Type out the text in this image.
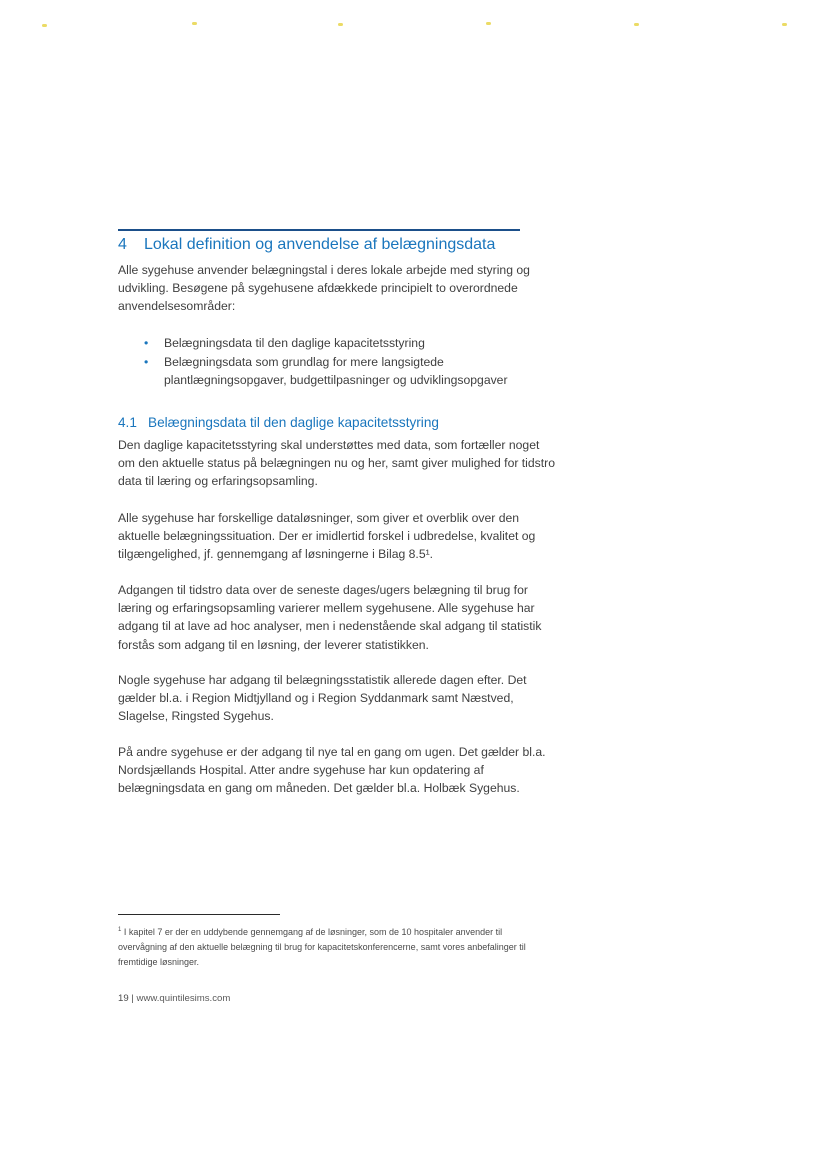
4 Lokal definition og anvendelse af belægningsdata

Alle sygehuse anvender belægningstal i deres lokale arbejde med styring og udvikling. Besøgene på sygehusene afdækkede principielt to overordnede anvendelsesområder:

• Belægningsdata til den daglige kapacitetsstyring
• Belægningsdata som grundlag for mere langsigtede plantlægningsopgaver, budgettilpasninger og udviklingsopgaver
4.1 Belægningsdata til den daglige kapacitetsstyring

Den daglige kapacitetsstyring skal understøttes med data, som fortæller noget om den aktuelle status på belægningen nu og her, samt giver mulighed for tidstro data til læring og erfaringsopsamling.

Alle sygehuse har forskellige dataløsninger, som giver et overblik over den aktuelle belægningssituation. Der er imidlertid forskel i udbredelse, kvalitet og tilgængelighed, jf. gennemgang af løsningerne i Bilag 8.5¹.

Adgangen til tidstro data over de seneste dages/ugers belægning til brug for læring og erfaringsopsamling varierer mellem sygehusene. Alle sygehuse har adgang til at lave ad hoc analyser, men i nedenstående skal adgang til statistik forstås som adgang til en løsning, der leverer statistikken.

Nogle sygehuse har adgang til belægningsstatistik allerede dagen efter. Det gælder bl.a. i Region Midtjylland og i Region Syddanmark samt Næstved, Slagelse, Ringsted Sygehus.

På andre sygehuse er der adgang til nye tal en gang om ugen. Det gælder bl.a. Nordsjællands Hospital. Atter andre sygehuse har kun opdatering af belægningsdata en gang om måneden. Det gælder bl.a. Holbæk Sygehus.

$^1$ I kapitel 7 er der en uddybende gennemgang af de løsninger, som de 10 hospitaler anvender til overvågning af den aktuelle belægning til brug for kapacitetskonferencerne, samt vores anbefalinger til fremtidige løsninger.

19 | www.quintilesims.com
